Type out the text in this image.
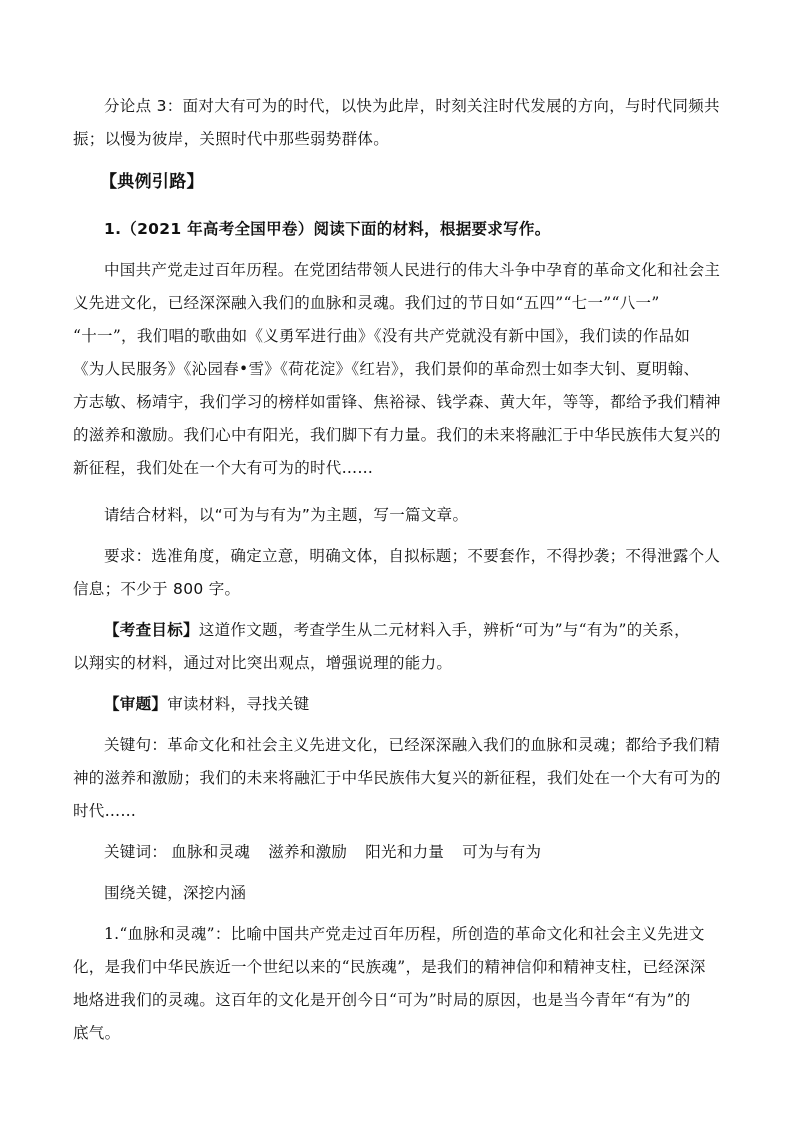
分论点 3：面对大有可为的时代，以快为此岸，时刻关注时代发展的方向，与时代同频共
振；以慢为彼岸，关照时代中那些弱势群体。
【典例引路】
1.（2021 年高考全国甲卷）阅读下面的材料，根据要求写作。
中国共产党走过百年历程。在党团结带领人民进行的伟大斗争中孕育的革命文化和社会主
义先进文化，已经深深融入我们的血脉和灵魂。我们过的节日如“五四”“七一”“八一”
“十一”，我们唱的歌曲如《义勇军进行曲》《没有共产党就没有新中国》，我们读的作品如
《为人民服务》《沁园春•雪》《荷花淀》《红岩》，我们景仰的革命烈士如李大钊、夏明翰、
方志敏、杨靖宇，我们学习的榜样如雷锋、焦裕禄、钱学森、黄大年，等等，都给予我们精神
的滋养和激励。我们心中有阳光，我们脚下有力量。我们的未来将融汇于中华民族伟大复兴的
新征程，我们处在一个大有可为的时代……
请结合材料，以“可为与有为”为主题，写一篇文章。
要求：选准角度，确定立意，明确文体，自拟标题；不要套作，不得抄袭；不得泄露个人
信息；不少于 800 字。
【考查目标】这道作文题，考查学生从二元材料入手，辨析“可为”与“有为”的关系，
以翔实的材料，通过对比突出观点，增强说理的能力。
【审题】审读材料，寻找关键
关键句：革命文化和社会主义先进文化，已经深深融入我们的血脉和灵魂；都给予我们精
神的滋养和激励；我们的未来将融汇于中华民族伟大复兴的新征程，我们处在一个大有可为的
时代……
关键词： 血脉和灵魂 滋养和激励 阳光和力量 可为与有为
围绕关键，深挖内涵
1.“血脉和灵魂”：比喻中国共产党走过百年历程，所创造的革命文化和社会主义先进文
化，是我们中华民族近一个世纪以来的“民族魂”，是我们的精神信仰和精神支柱，已经深深
地烙进我们的灵魂。这百年的文化是开创今日“可为”时局的原因，也是当今青年“有为”的
底气。
